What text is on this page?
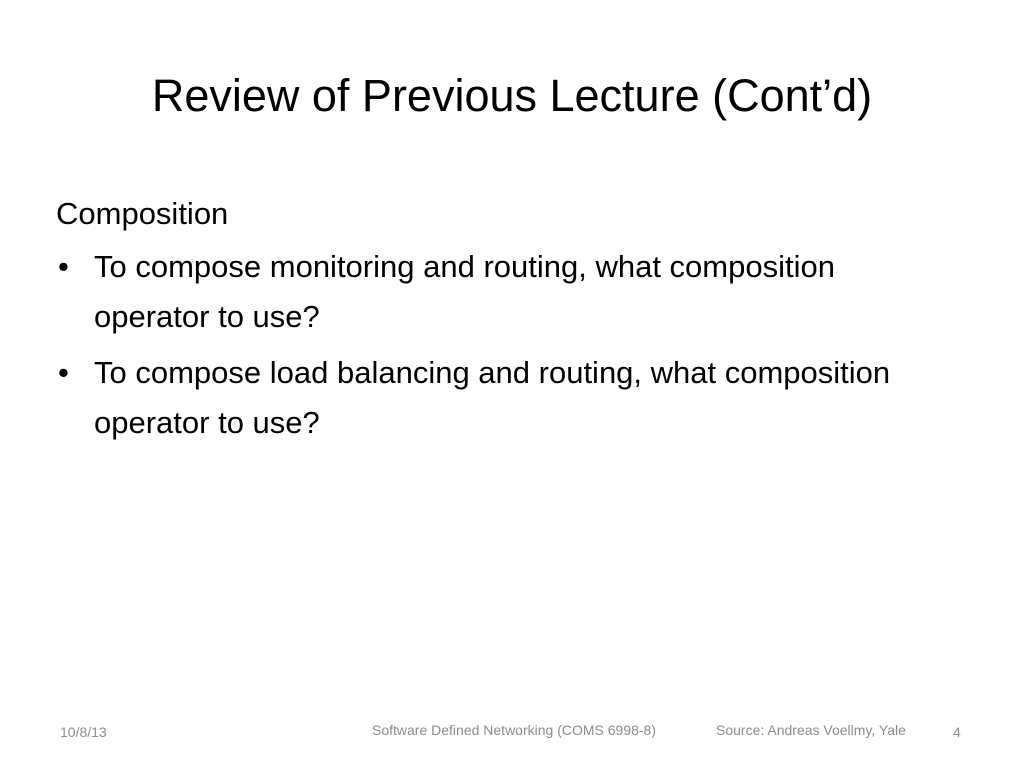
Review of Previous Lecture (Cont’d)
Composition
• To compose monitoring and routing, what composition operator to use?
• To compose load balancing and routing, what composition operator to use?
10/8/13	Software Defined Networking (COMS 6998-8)	Source: Andreas Voellmy, Yale	4
